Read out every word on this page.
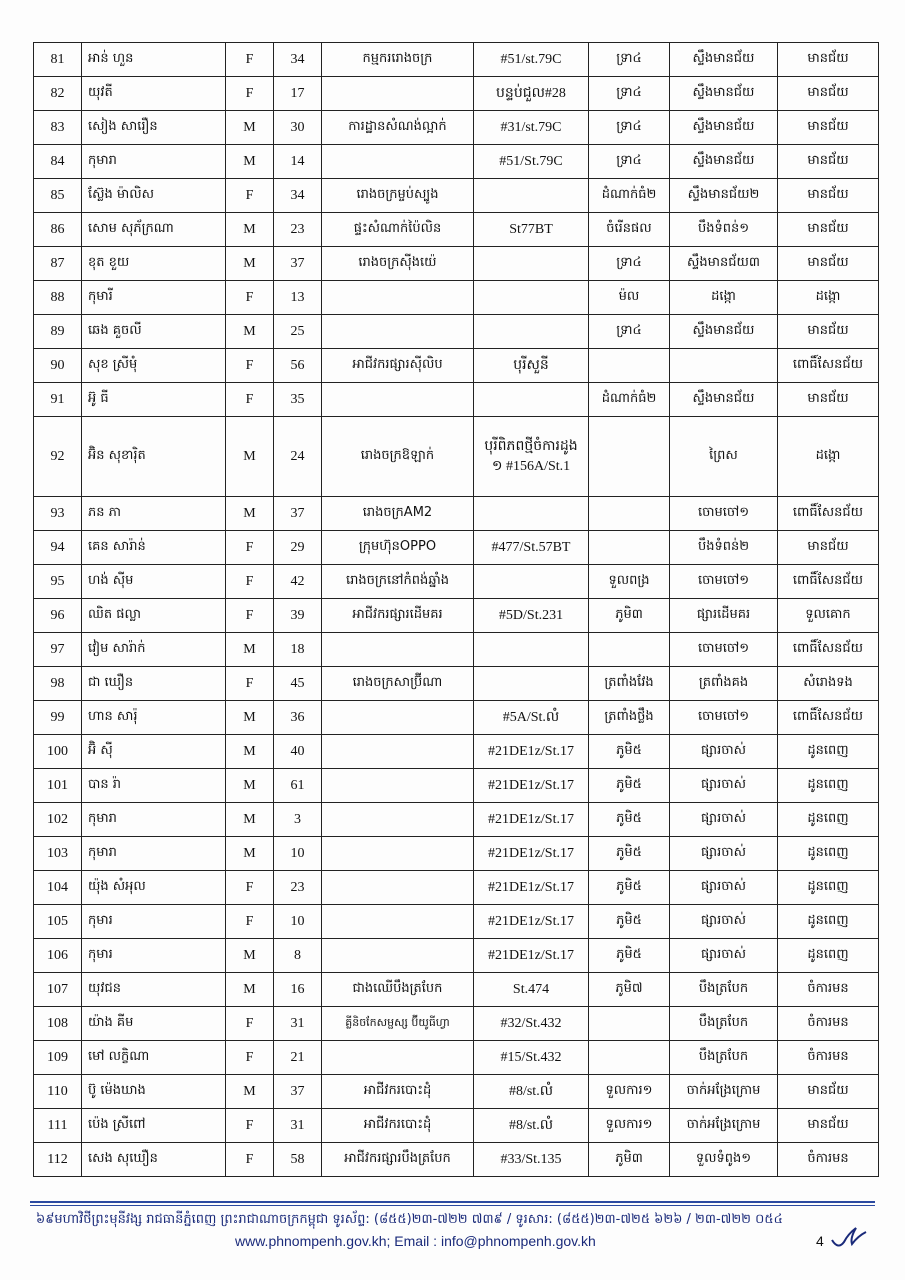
81	អាន់ ហួន	F	34	កម្មកររោងចក្រ	#51/st.79C	ទ្រា៤	ស្ទឹងមានជ័យ	មានជ័យ
82	យុវតី	F	17		បន្ទប់ជួល#28	ទ្រា៤	ស្ទឹងមានជ័យ	មានជ័យ
83	សៀង សារឿន	M	30	ការដ្ឋានសំណង់ល្អាក់	#31/st.79C	ទ្រា៤	ស្ទឹងមានជ័យ	មានជ័យ
84	កុមារា	M	14		#51/St.79C	ទ្រា៤	ស្ទឹងមានជ័យ	មានជ័យ
85	ស៊្លែង ម៉ាលិស	F	34	រោងចក្រម្ចប់ស្បូង		ដំណាក់ធំ២	ស្ទឹងមានជ័យ២	មានជ័យ
86	សោម សុភ័ក្រណា	M	23	ផ្ទះសំណាក់ប៉ៃលិន	St77BT	ចំរើនផល	បឹងទំពន់១	មានជ័យ
87	ខុត ខួយ	M	37	រោងចក្រស៊ីងយ៉េ		ទ្រា៤	ស្ទឹងមានជ័យ៣	មានជ័យ
88	កុមារី	F	13			ម៉ល	ដង្កោ	ដង្កោ
89	ឆេង គួចលី	M	25			ទ្រា៤	ស្ទឹងមានជ័យ	មានជ័យ
90	សុខ ស្រីមុំ	F	56	អាជីវករផ្សារស៊ីលិប	បុរីសួនី			ពោធិ៍សែនជ័យ
91	អ៊ូ ធី	F	35			ដំណាក់ធំ២	ស្ទឹងមានជ័យ	មានជ័យ
92	អ៊ិន សុខារ៉ិត	M	24	រោងចក្រឱឡាក់	បុរីពិភពថ្មីចំការដូង ១ #156A/St.1		ព្រៃស	ដង្កោ
93	ភន ភា	M	37	រោងចក្រAM2			ចោមចៅ១	ពោធិ៍សែនជ័យ
94	គេន សារ៉ាន់	F	29	ក្រុមហ៊ុនOPPO	#477/St.57BT		បឹងទំពន់២	មានជ័យ
95	ហង់ ស៊ីម	F	42	រោងចក្រនៅកំពង់ឆ្នាំង		ទួលពង្រ	ចោមចៅ១	ពោធិ៍សែនជ័យ
96	ឈិត ផល្លា	F	39	អាជីវករផ្សារដើមគរ	#5D/St.231	ភូមិ៣	ផ្សារដើមគរ	ទួលគោក
97	វៀម សារ៉ាក់	M	18				ចោមចៅ១	ពោធិ៍សែនជ័យ
98	ជា ឃឿន	F	45	រោងចក្រសាប្រ៊ីណា		ត្រពាំងវែង	ត្រពាំងគង	សំរោងទង
99	ហាន សារ៉ុ	M	36		#5A/St.លំ	ត្រពាំងថ្លឹង	ចោមចៅ១	ពោធិ៍សែនជ័យ
100	អ៊ិ ស៊ី	M	40		#21DE1z/St.17	ភូមិ៥	ផ្សារចាស់	ដូនពេញ
101	បាន រ៉ា	M	61		#21DE1z/St.17	ភូមិ៥	ផ្សារចាស់	ដូនពេញ
102	កុមារា	M	3		#21DE1z/St.17	ភូមិ៥	ផ្សារចាស់	ដូនពេញ
103	កុមារា	M	10		#21DE1z/St.17	ភូមិ៥	ផ្សារចាស់	ដូនពេញ
104	យ៉ុង សំអុល	F	23		#21DE1z/St.17	ភូមិ៥	ផ្សារចាស់	ដូនពេញ
105	កុមារ	F	10		#21DE1z/St.17	ភូមិ៥	ផ្សារចាស់	ដូនពេញ
106	កុមារ	M	8		#21DE1z/St.17	ភូមិ៥	ផ្សារចាស់	ដូនពេញ
107	យុវជន	M	16	ជាងឈើបឹងត្របែក	St.474	ភូមិ៧	បឹងត្របែក	ចំការមន
108	យ៉ាង គីម	F	31	គ្លីនិចកែសម្ផស្ស ប៊ីយូធីហ្វា	#32/St.432		បឹងត្របែក	ចំការមន
109	មៅ លក្ខិណា	F	21		#15/St.432		បឹងត្របែក	ចំការមន
110	ប៊ូ ម៉េងឃាង	M	37	អាជីវករបោះដុំ	#8/st.លំ	ទួលការ១	ចាក់អង្រែក្រោម	មានជ័យ
111	ប៉េង ស្រីពៅ	F	31	អាជីវករបោះដុំ	#8/st.លំ	ទួលការ១	ចាក់អង្រែក្រោម	មានជ័យ
112	សេង សុឃឿន	F	58	អាជីវករផ្សារបឹងត្របែក	#33/St.135	ភូមិ៣	ទួលទំពូង១	ចំការមន
៦៩មហាវិថីព្រះមុនីវង្ស រាជធានីភ្នំពេញ ព្រះរាជាណាចក្រកម្ពុជា ទូរស័ព្ទ: (៨៥៥)២៣-៧២២ ៧៣៩ / ទូរសារ: (៨៥៥)២៣-៧២៥ ៦២៦ / ២៣-៧២២ ០៥៤
www.phnompenh.gov.kh; Email : info@phnompenh.gov.kh	4
